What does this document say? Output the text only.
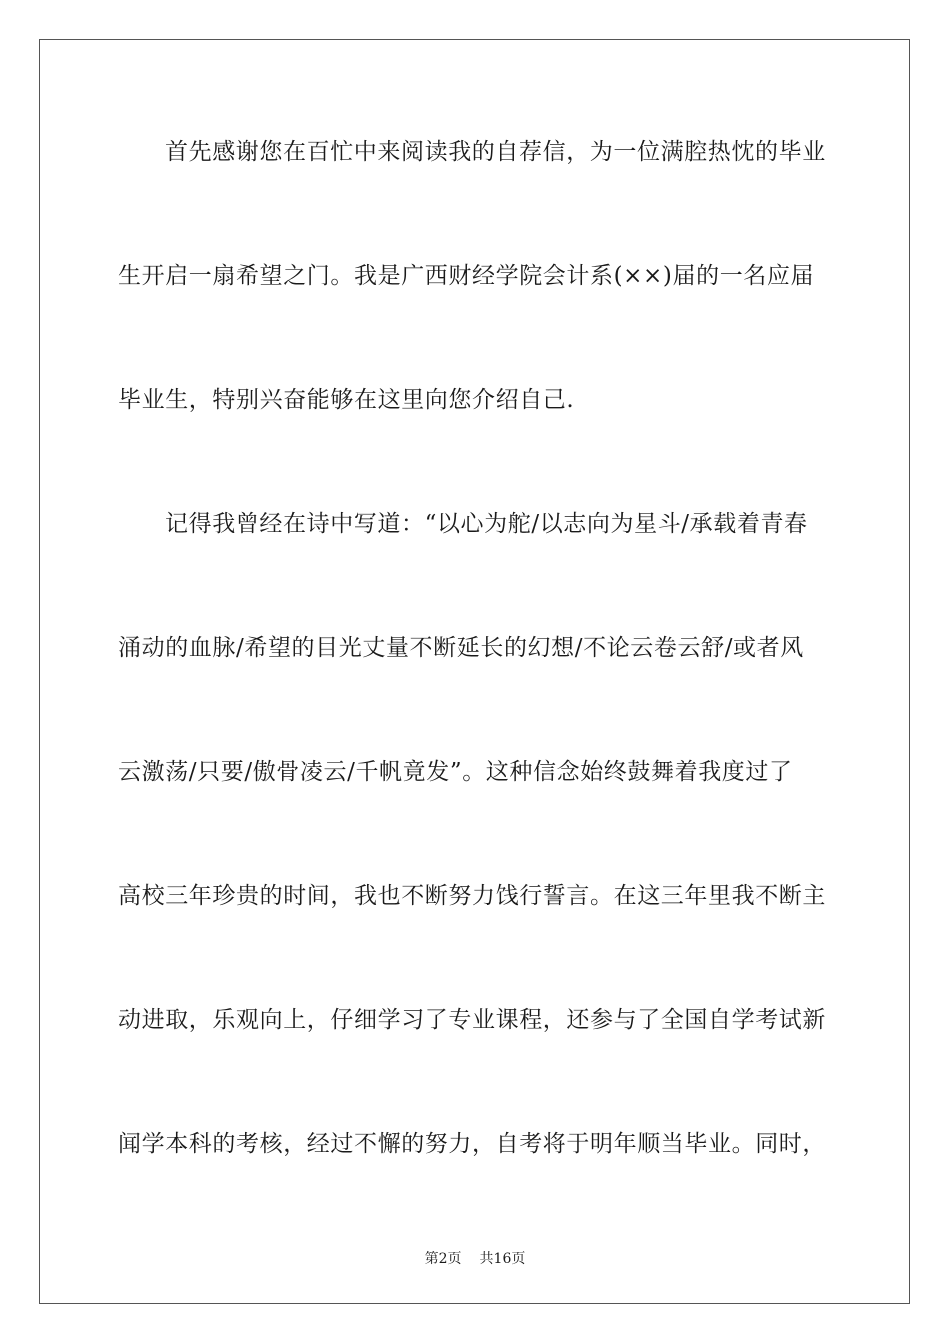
首先感谢您在百忙中来阅读我的自荐信，为一位满腔热忱的毕业
生开启一扇希望之门。我是广西财经学院会计系(××)届的一名应届
毕业生，特别兴奋能够在这里向您介绍自己.
记得我曾经在诗中写道：“以心为舵/以志向为星斗/承载着青春
涌动的血脉/希望的目光丈量不断延长的幻想/不论云卷云舒/或者风
云激荡/只要/傲骨凌云/千帆竟发”。这种信念始终鼓舞着我度过了
高校三年珍贵的时间，我也不断努力饯行誓言。在这三年里我不断主
动进取，乐观向上，仔细学习了专业课程，还参与了全国自学考试新
闻学本科的考核，经过不懈的努力，自考将于明年顺当毕业。同时，
第2页 共16页
